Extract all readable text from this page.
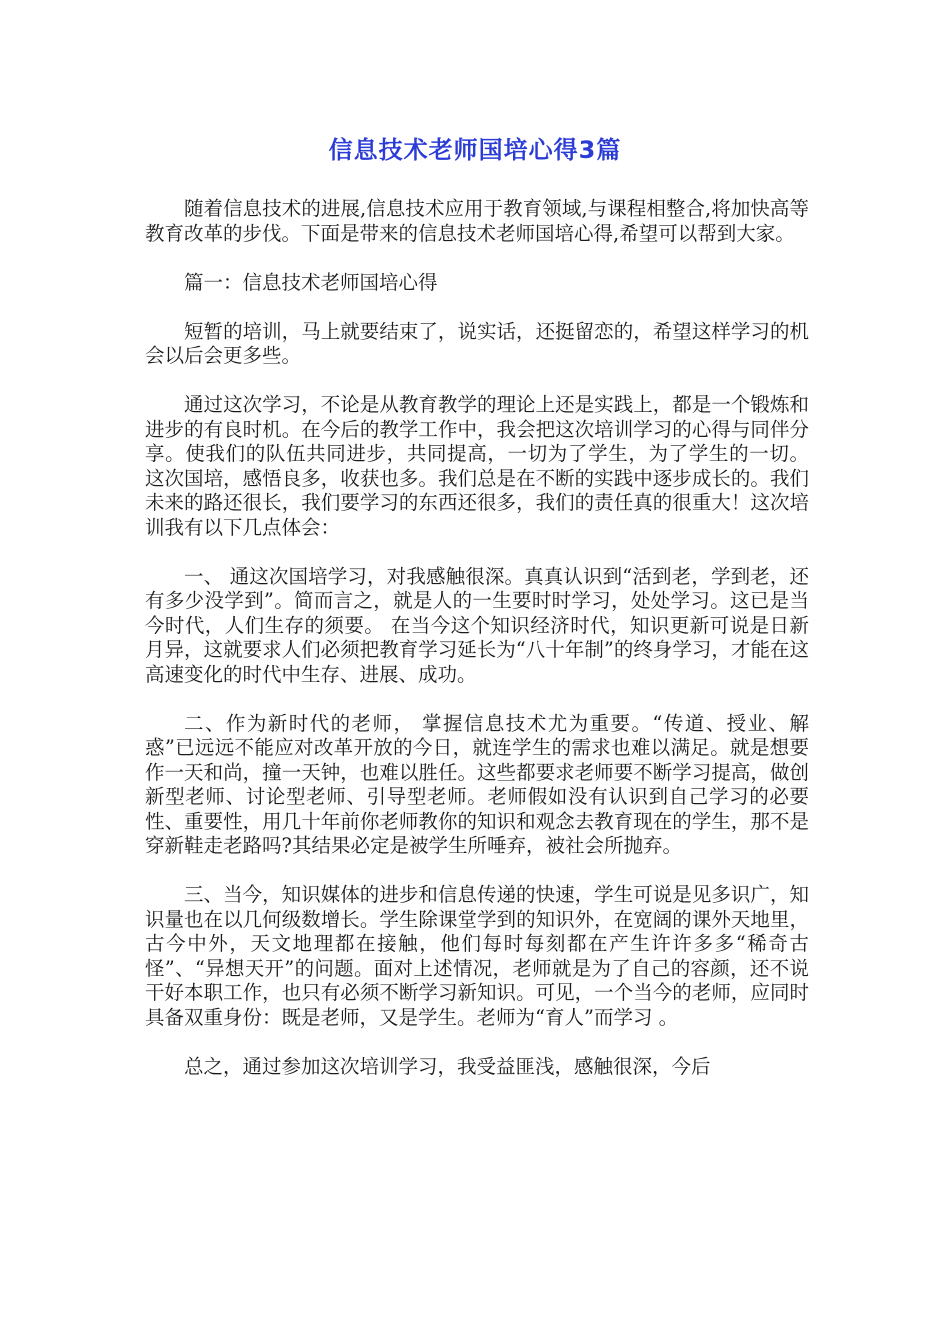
信息技术老师国培心得3篇

随着信息技术的进展,信息技术应用于教育领域,与课程相整合,将加快高等教育改革的步伐。下面是带来的信息技术老师国培心得,希望可以帮到大家。

篇一：信息技术老师国培心得

短暂的培训，马上就要结束了，说实话，还挺留恋的，希望这样学习的机会以后会更多些。

通过这次学习，不论是从教育教学的理论上还是实践上，都是一个锻炼和进步的有良时机。在今后的教学工作中，我会把这次培训学习的心得与同伴分享。使我们的队伍共同进步，共同提高，一切为了学生，为了学生的一切。 这次国培，感悟良多，收获也多。我们总是在不断的实践中逐步成长的。我们未来的路还很长，我们要学习的东西还很多，我们的责任真的很重大！这次培训我有以下几点体会：

一、 通这次国培学习，对我感触很深。真真认识到“活到老，学到老，还有多少没学到”。简而言之，就是人的一生要时时学习，处处学习。这已是当今时代，人们生存的须要。 在当今这个知识经济时代，知识更新可说是日新月异，这就要求人们必须把教育学习延长为“八十年制”的终身学习，才能在这高速变化的时代中生存、进展、成功。

二、作为新时代的老师， 掌握信息技术尤为重要。“传道、授业、解惑”已远远不能应对改革开放的今日，就连学生的需求也难以满足。就是想要作一天和尚，撞一天钟，也难以胜任。这些都要求老师要不断学习提高，做创新型老师、讨论型老师、引导型老师。老师假如没有认识到自己学习的必要性、重要性，用几十年前你老师教你的知识和观念去教育现在的学生，那不是穿新鞋走老路吗?其结果必定是被学生所唾弃，被社会所抛弃。

三、当今，知识媒体的进步和信息传递的快速，学生可说是见多识广，知识量也在以几何级数增长。学生除课堂学到的知识外，在宽阔的课外天地里，古今中外，天文地理都在接触，他们每时每刻都在产生许许多多“稀奇古怪”、“异想天开”的问题。面对上述情况，老师就是为了自己的容颜，还不说干好本职工作，也只有必须不断学习新知识。可见，一个当今的老师，应同时具备双重身份：既是老师，又是学生。老师为“育人”而学习 。

总之，通过参加这次培训学习，我受益匪浅，感触很深，今后
